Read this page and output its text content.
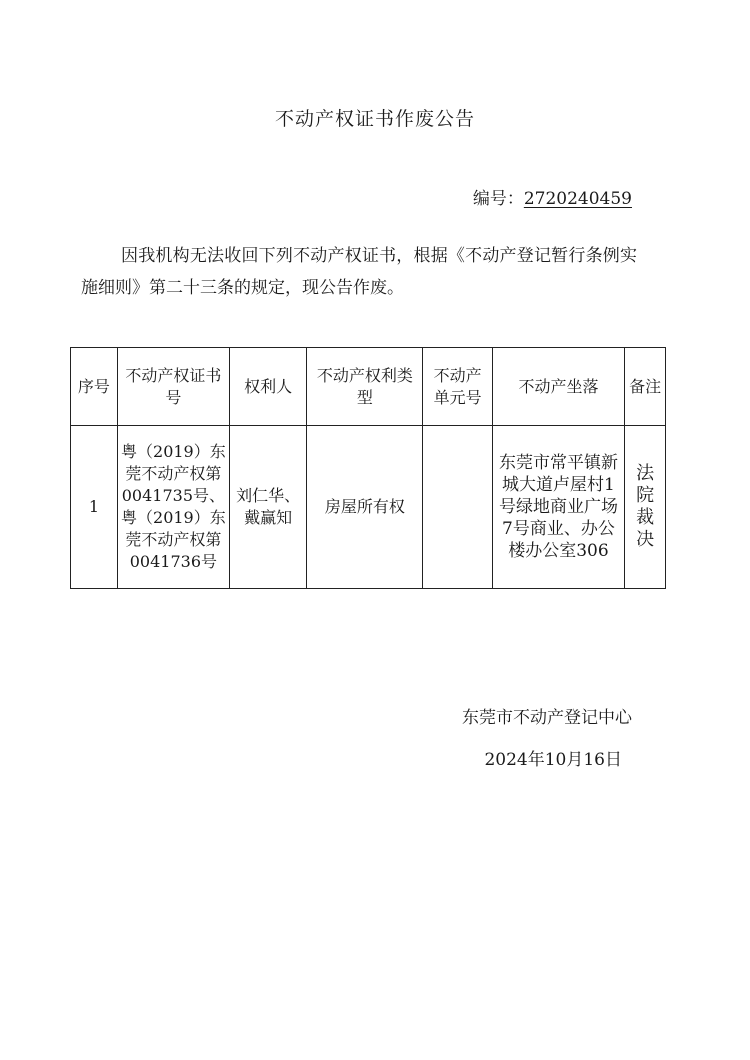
不动产权证书作废公告
编号：2720240459
因我机构无法收回下列不动产权证书，根据《不动产登记暂行条例实施细则》第二十三条的规定，现公告作废。
序号	不动产权证书号	权利人	不动产权利类型	不动产单元号	不动产坐落	备注
1	粤（2019）东莞不动产权第0041735号、粤（2019）东莞不动产权第0041736号	刘仁华、戴赢知	房屋所有权		东莞市常平镇新城大道卢屋村1号绿地商业广场7号商业、办公楼办公室306	法院裁决
东莞市不动产登记中心
2024年10月16日
